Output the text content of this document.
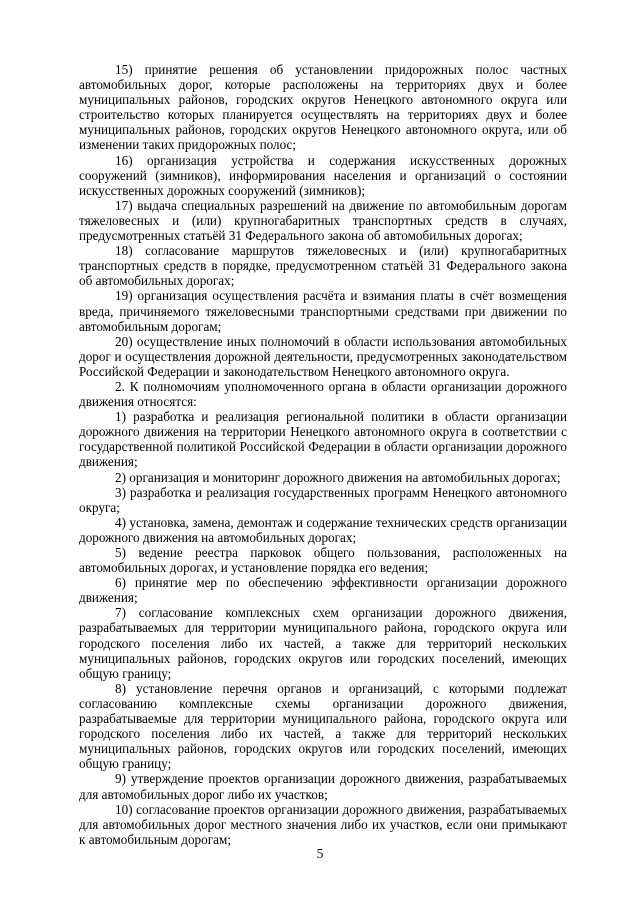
15) принятие решения об установлении придорожных полос частных автомобильных дорог, которые расположены на территориях двух и более муниципальных районов, городских округов Ненецкого автономного округа или строительство которых планируется осуществлять на территориях двух и более муниципальных районов, городских округов Ненецкого автономного округа, или об изменении таких придорожных полос;

16) организация устройства и содержания искусственных дорожных сооружений (зимников), информирования населения и организаций о состоянии искусственных дорожных сооружений (зимников);

17) выдача специальных разрешений на движение по автомобильным дорогам тяжеловесных и (или) крупногабаритных транспортных средств в случаях, предусмотренных статьёй 31 Федерального закона об автомобильных дорогах;

18) согласование маршрутов тяжеловесных и (или) крупногабаритных транспортных средств в порядке, предусмотренном статьёй 31 Федерального закона об автомобильных дорогах;

19) организация осуществления расчёта и взимания платы в счёт возмещения вреда, причиняемого тяжеловесными транспортными средствами при движении по автомобильным дорогам;

20) осуществление иных полномочий в области использования автомобильных дорог и осуществления дорожной деятельности, предусмотренных законодательством Российской Федерации и законодательством Ненецкого автономного округа.

2. К полномочиям уполномоченного органа в области организации дорожного движения относятся:

1) разработка и реализация региональной политики в области организации дорожного движения на территории Ненецкого автономного округа в соответствии с государственной политикой Российской Федерации в области организации дорожного движения;

2) организация и мониторинг дорожного движения на автомобильных дорогах;

3) разработка и реализация государственных программ Ненецкого автономного округа;

4) установка, замена, демонтаж и содержание технических средств организации дорожного движения на автомобильных дорогах;

5) ведение реестра парковок общего пользования, расположенных на автомобильных дорогах, и установление порядка его ведения;

6) принятие мер по обеспечению эффективности организации дорожного движения;

7) согласование комплексных схем организации дорожного движения, разрабатываемых для территории муниципального района, городского округа или городского поселения либо их частей, а также для территорий нескольких муниципальных районов, городских округов или городских поселений, имеющих общую границу;

8) установление перечня органов и организаций, с которыми подлежат согласованию комплексные схемы организации дорожного движения, разрабатываемые для территории муниципального района, городского округа или городского поселения либо их частей, а также для территорий нескольких муниципальных районов, городских округов или городских поселений, имеющих общую границу;

9) утверждение проектов организации дорожного движения, разрабатываемых для автомобильных дорог либо их участков;

10) согласование проектов организации дорожного движения, разрабатываемых для автомобильных дорог местного значения либо их участков, если они примыкают к автомобильным дорогам;

5
